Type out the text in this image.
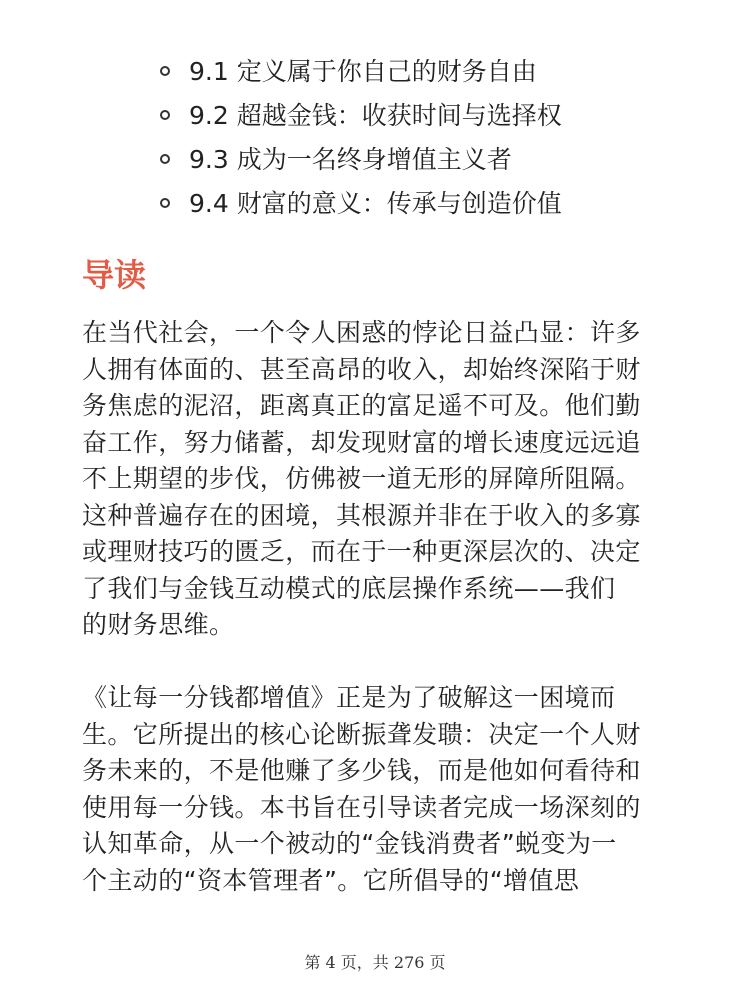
9.1 定义属于你自己的财务自由
9.2 超越金钱：收获时间与选择权
9.3 成为一名终身增值主义者
9.4 财富的意义：传承与创造价值
导读
在当代社会，一个令人困惑的悖论日益凸显：许多
人拥有体面的、甚至高昂的收入，却始终深陷于财
务焦虑的泥沼，距离真正的富足遥不可及。他们勤
奋工作，努力储蓄，却发现财富的增长速度远远追
不上期望的步伐，仿佛被一道无形的屏障所阻隔。
这种普遍存在的困境，其根源并非在于收入的多寡
或理财技巧的匮乏，而在于一种更深层次的、决定
了我们与金钱互动模式的底层操作系统——我们
的财务思维。
《让每一分钱都增值》正是为了破解这一困境而
生。它所提出的核心论断振聋发聩：决定一个人财
务未来的，不是他赚了多少钱，而是他如何看待和
使用每一分钱。本书旨在引导读者完成一场深刻的
认知革命，从一个被动的“金钱消费者”蜕变为一
个主动的“资本管理者”。它所倡导的“增值思
第 4 页，共 276 页
